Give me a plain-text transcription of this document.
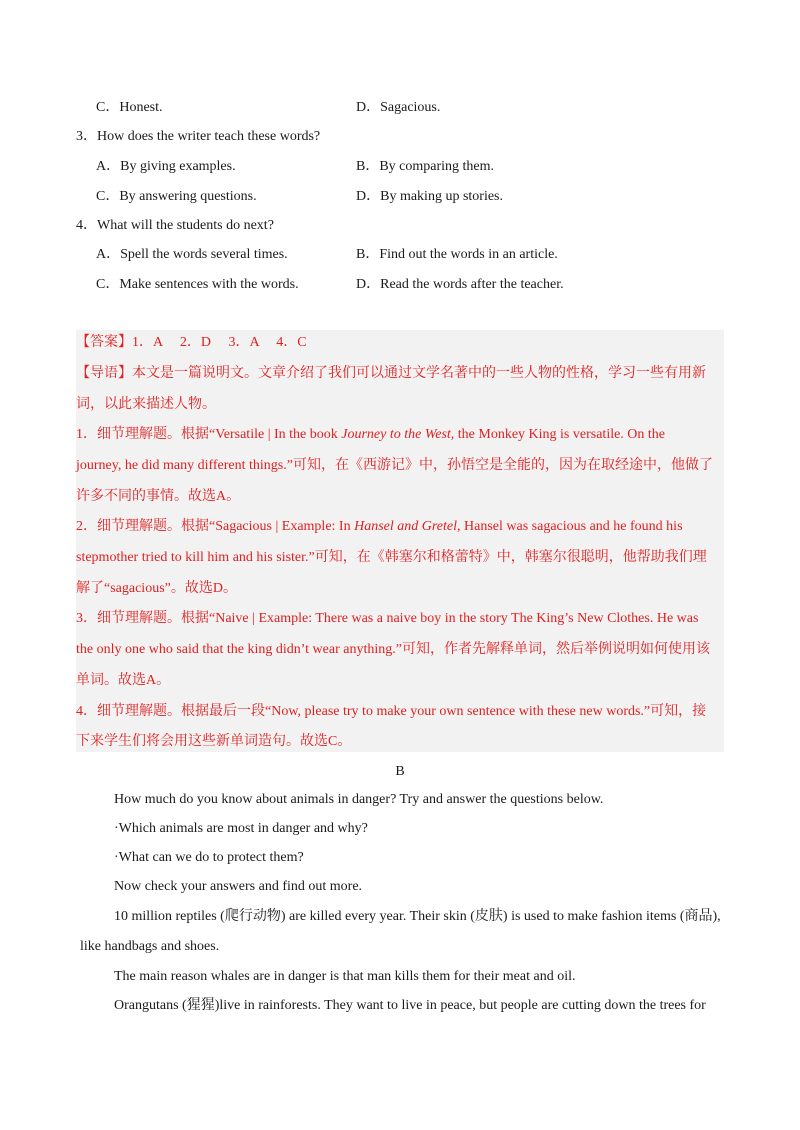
C．Honest.	D．Sagacious.
3．How does the writer teach these words?
A．By giving examples.	B．By comparing them.
C．By answering questions.	D．By making up stories.
4．What will the students do next?
A．Spell the words several times.	B．Find out the words in an article.
C．Make sentences with the words.	D．Read the words after the teacher.
【答案】1．A　 2．D　 3．A　 4．C
【导语】本文是一篇说明文。文章介绍了我们可以通过文学名著中的一些人物的性格，学习一些有用新
词，以此来描述人物。
1．细节理解题。根据“Versatile | In the book Journey to the West, the Monkey King is versatile. On the
journey, he did many different things.”可知，在《西游记》中，孙悟空是全能的，因为在取经途中，他做了
许多不同的事情。故选A。
2．细节理解题。根据“Sagacious | Example: In Hansel and Gretel, Hansel was sagacious and he found his
stepmother tried to kill him and his sister.”可知，在《韩塞尔和格蕾特》中，韩塞尔很聪明，他帮助我们理
解了“sagacious”。故选D。
3．细节理解题。根据“Naive | Example: There was a naive boy in the story The King’s New Clothes. He was
the only one who said that the king didn’t wear anything.”可知，作者先解释单词，然后举例说明如何使用该
单词。故选A。
4．细节理解题。根据最后一段“Now, please try to make your own sentence with these new words.”可知，接
下来学生们将会用这些新单词造句。故选C。
B
How much do you know about animals in danger? Try and answer the questions below.
·Which animals are most in danger and why?
·What can we do to protect them?
Now check your answers and find out more.
10 million reptiles (爬行动物) are killed every year. Their skin (皮肤) is used to make fashion items (商品),
like handbags and shoes.
The main reason whales are in danger is that man kills them for their meat and oil.
Orangutans (猩猩)live in rainforests. They want to live in peace, but people are cutting down the trees for
